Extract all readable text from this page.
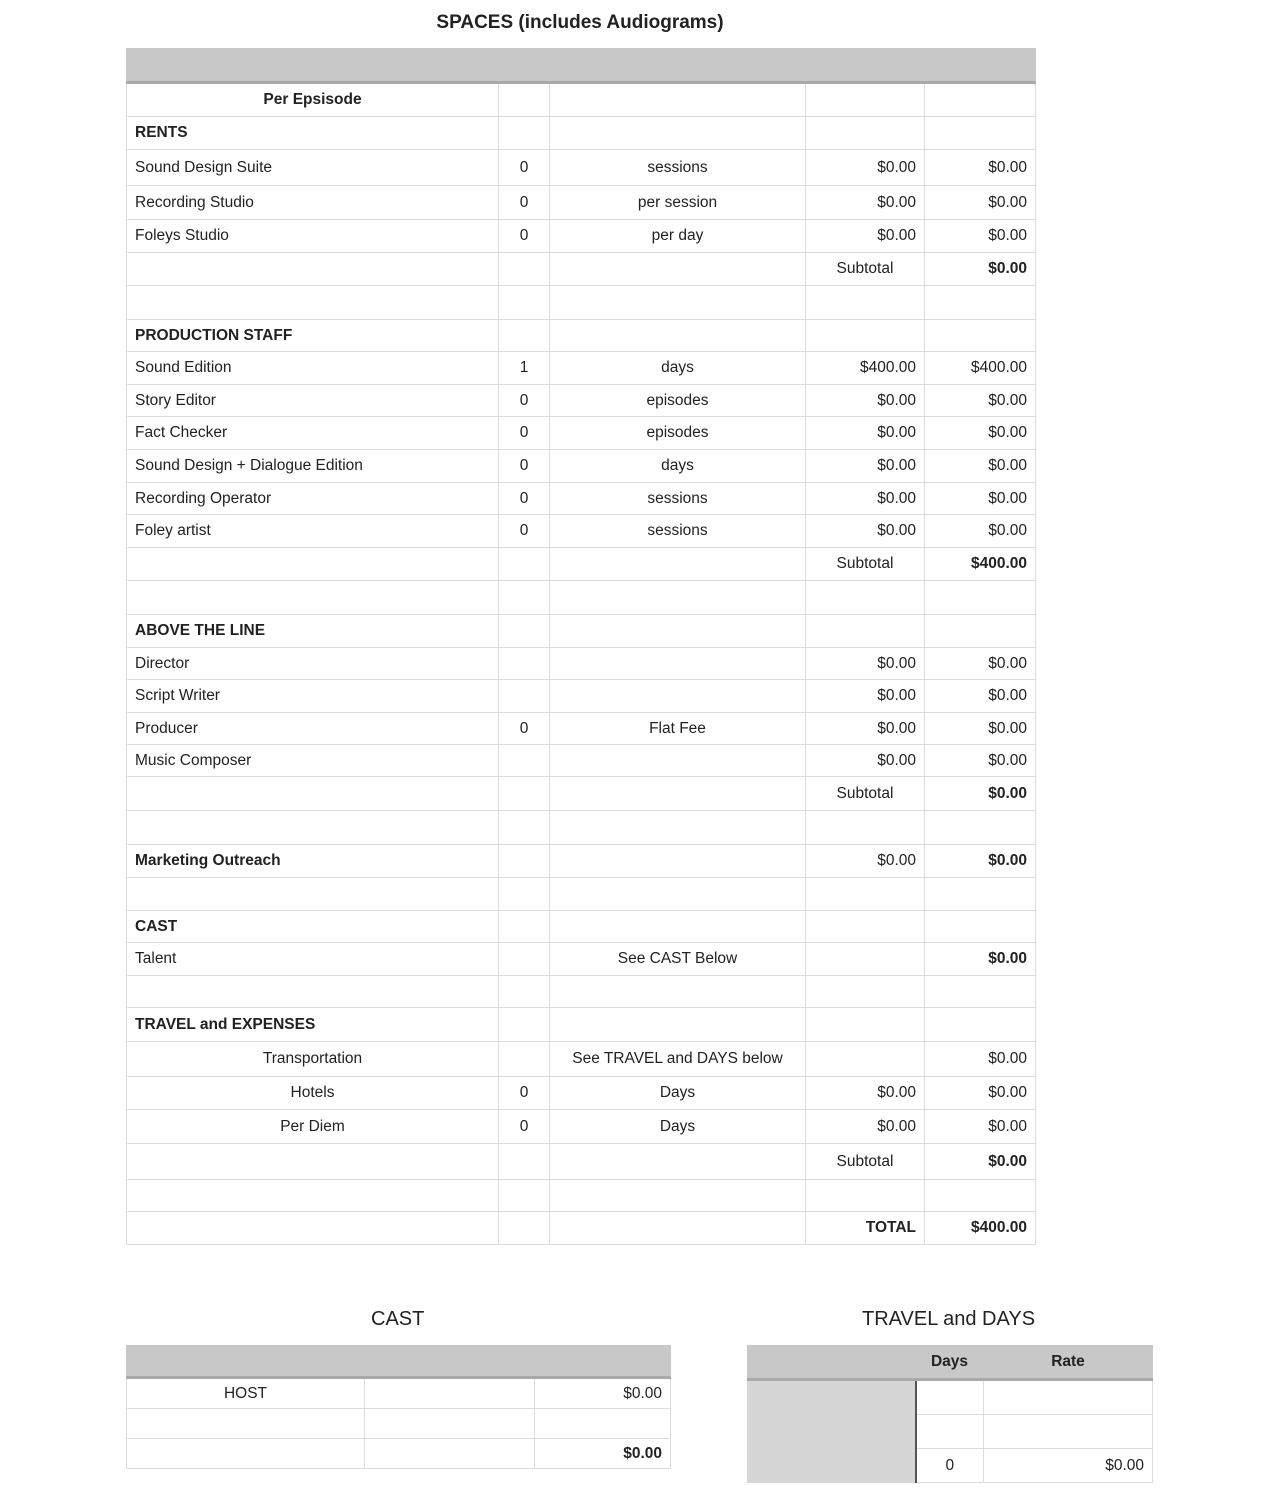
SPACES (includes Audiograms)

Per Epsisode				
RENTS				
Sound Design Suite	0	sessions	$0.00	$0.00
Recording Studio	0	per session	$0.00	$0.00
Foleys Studio	0	per day	$0.00	$0.00
			Subtotal	$0.00

PRODUCTION STAFF				
Sound Edition	1	days	$400.00	$400.00
Story Editor	0	episodes	$0.00	$0.00
Fact Checker	0	episodes	$0.00	$0.00
Sound Design + Dialogue Edition	0	days	$0.00	$0.00
Recording Operator	0	sessions	$0.00	$0.00
Foley artist	0	sessions	$0.00	$0.00
			Subtotal	$400.00

ABOVE THE LINE				
Director			$0.00	$0.00
Script Writer			$0.00	$0.00
Producer	0	Flat Fee	$0.00	$0.00
Music Composer			$0.00	$0.00
			Subtotal	$0.00

Marketing Outreach			$0.00	$0.00

CAST				
Talent		See CAST Below		$0.00

TRAVEL and EXPENSES				
Transportation		See TRAVEL and DAYS below		$0.00
Hotels	0	Days	$0.00	$0.00
Per Diem	0	Days	$0.00	$0.00
			Subtotal	$0.00

			TOTAL	$400.00
CAST

HOST		$0.00

		$0.00
TRAVEL and DAYS
	Days	Rate

	0	$0.00
